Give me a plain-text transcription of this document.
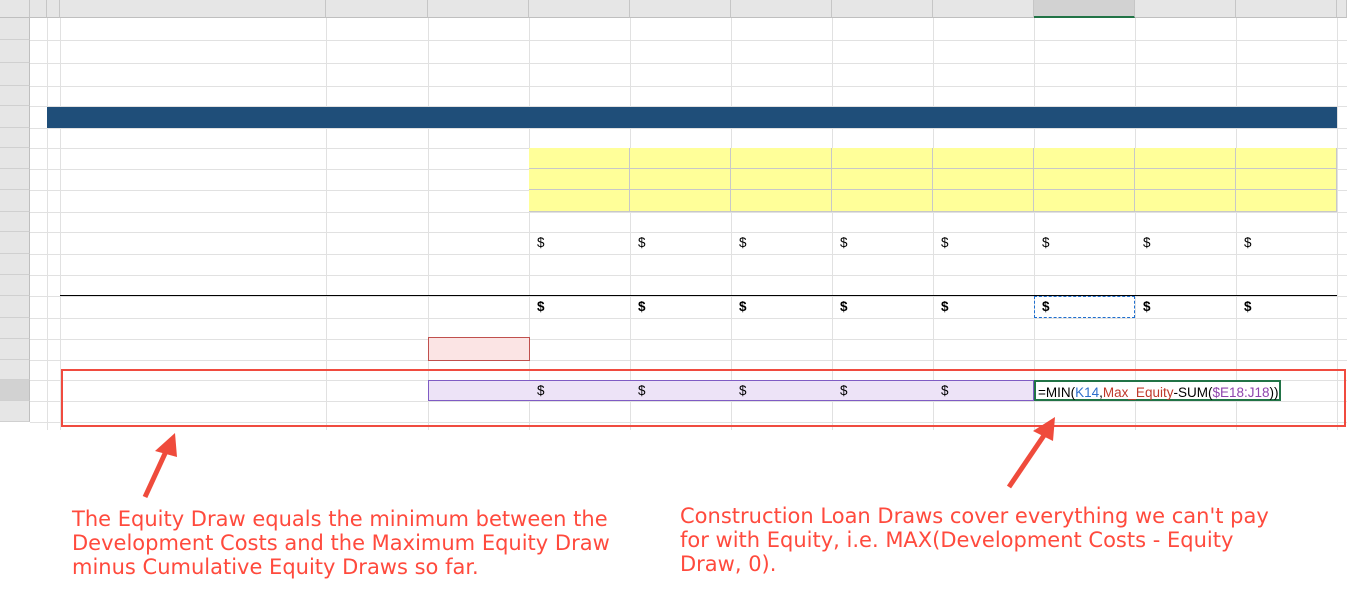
$	$	$	$	$	$	$	$
$	$	$	$	$	$	$	$
$	$	$	$	$	=MIN(K14,Max_Equity-SUM($E18:J18))
The Equity Draw equals the minimum between the
Development Costs and the Maximum Equity Draw
minus Cumulative Equity Draws so far.
Construction Loan Draws cover everything we can't pay
for with Equity, i.e. MAX(Development Costs - Equity
Draw, 0).
